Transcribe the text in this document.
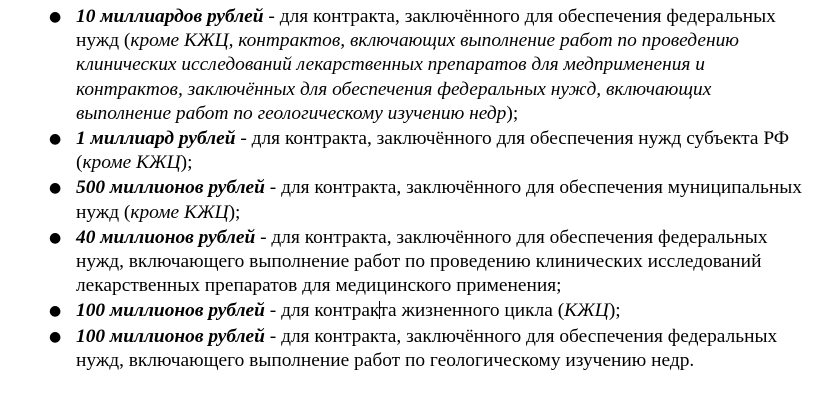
● 10 миллиардов рублей - для контракта, заключённого для обеспечения федеральных нужд (кроме КЖЦ, контрактов, включающих выполнение работ по проведению клинических исследований лекарственных препаратов для медприменения и контрактов, заключённых для обеспечения федеральных нужд, включающих выполнение работ по геологическому изучению недр);
● 1 миллиард рублей - для контракта, заключённого для обеспечения нужд субъекта РФ (кроме КЖЦ);
● 500 миллионов рублей - для контракта, заключённого для обеспечения муниципальных нужд (кроме КЖЦ);
● 40 миллионов рублей - для контракта, заключённого для обеспечения федеральных нужд, включающего выполнение работ по проведению клинических исследований лекарственных препаратов для медицинского применения;
● 100 миллионов рублей - для контракта жизненного цикла (КЖЦ);
● 100 миллионов рублей - для контракта, заключённого для обеспечения федеральных нужд, включающего выполнение работ по геологическому изучению недр.
